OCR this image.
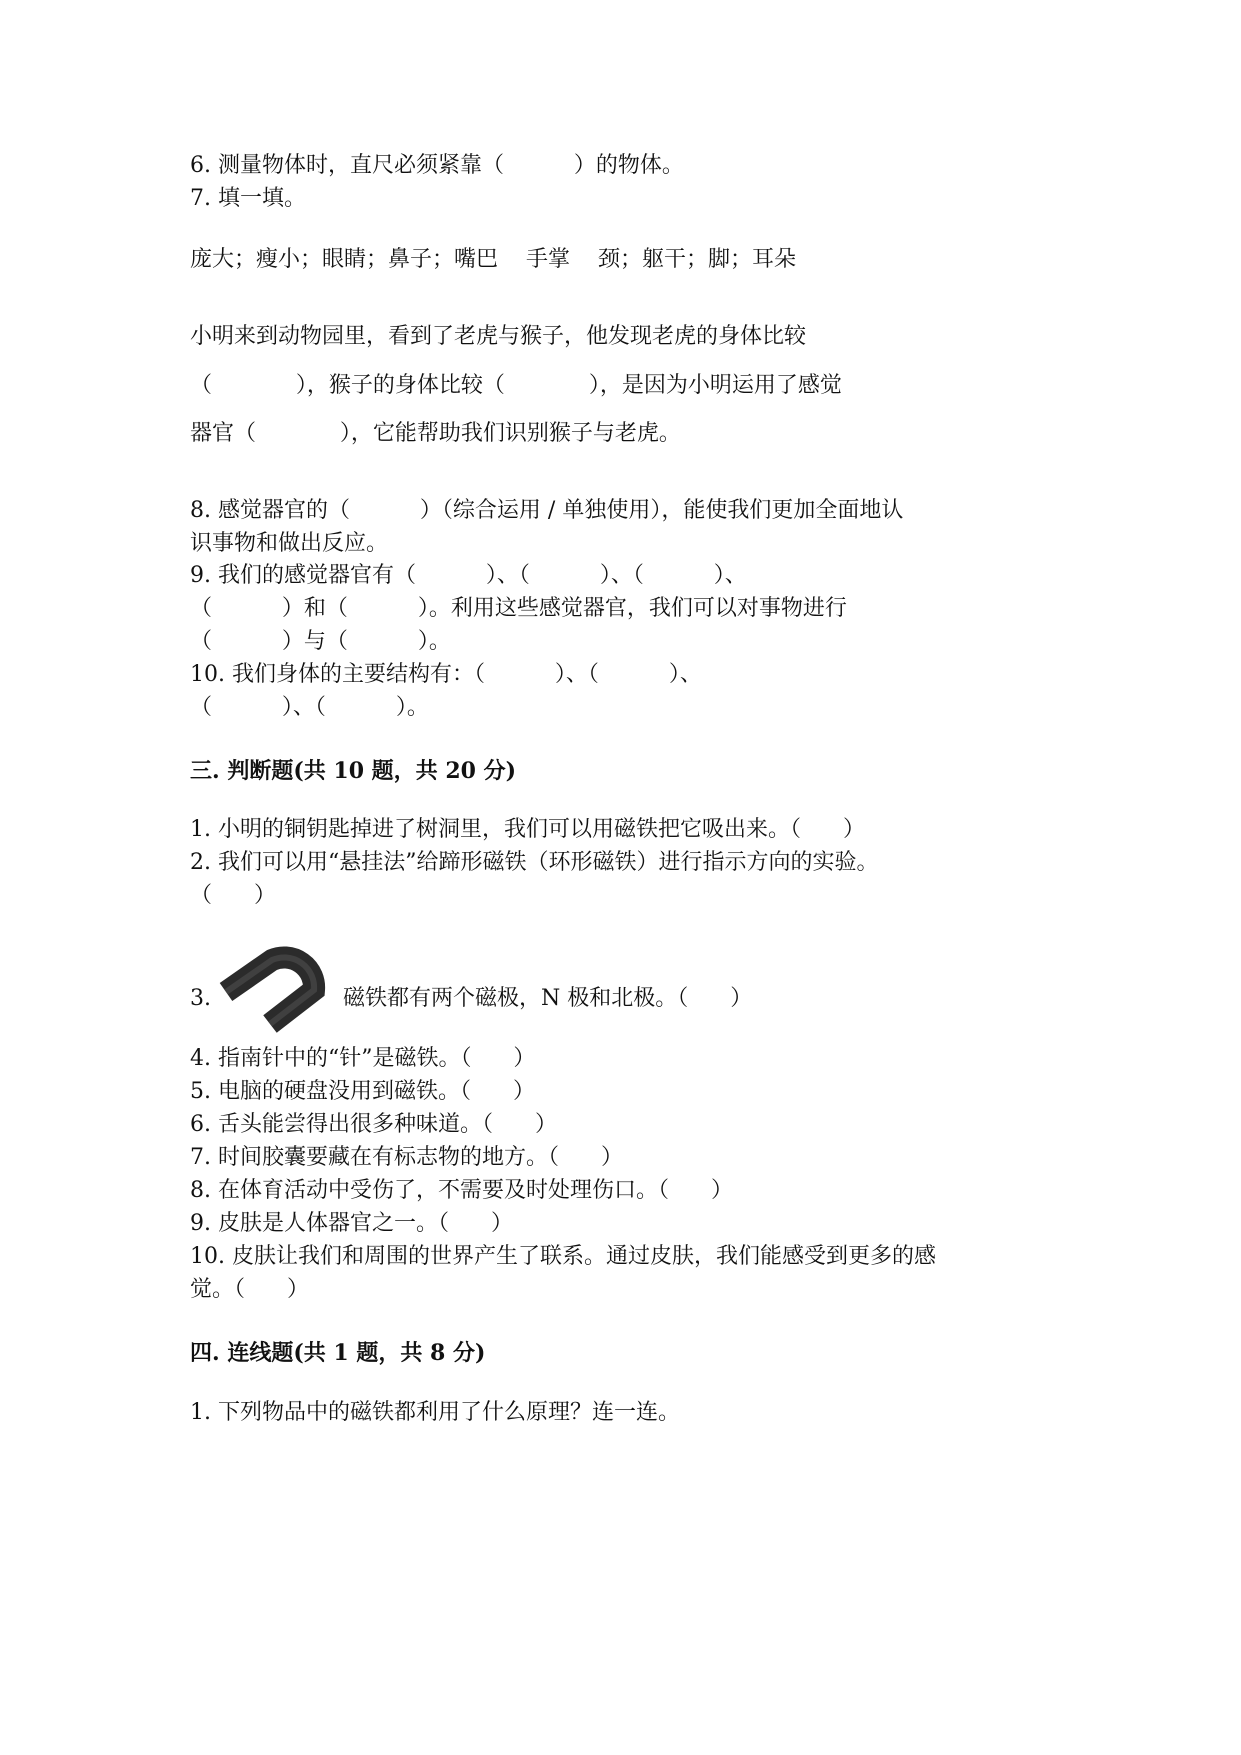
6. 测量物体时，直尺必须紧靠（          ）的物体。
7. 填一填。
庞大；瘦小；眼睛；鼻子；嘴巴    手掌    颈；躯干；脚；耳朵
小明来到动物园里，看到了老虎与猴子，他发现老虎的身体比较
（            ），猴子的身体比较（            ），是因为小明运用了感觉
器官（            ），它能帮助我们识别猴子与老虎。
8. 感觉器官的（          ）（综合运用 / 单独使用），能使我们更加全面地认
识事物和做出反应。
9. 我们的感觉器官有（          ）、（          ）、（          ）、
（          ）和（          ）。利用这些感觉器官，我们可以对事物进行
（          ）与（          ）。
10. 我们身体的主要结构有：（          ）、（          ）、
（          ）、（          ）。
三. 判断题(共 10 题，共 20 分)
1. 小明的铜钥匙掉进了树洞里，我们可以用磁铁把它吸出来。（      ）
2. 我们可以用“悬挂法”给蹄形磁铁（环形磁铁）进行指示方向的实验。
（      ）
3.	磁铁都有两个磁极，N 极和北极。（      ）
4. 指南针中的“针”是磁铁。（      ）
5. 电脑的硬盘没用到磁铁。（      ）
6. 舌头能尝得出很多种味道。（      ）
7. 时间胶囊要藏在有标志物的地方。（      ）
8. 在体育活动中受伤了，不需要及时处理伤口。（      ）
9. 皮肤是人体器官之一。（      ）
10. 皮肤让我们和周围的世界产生了联系。通过皮肤，我们能感受到更多的感
觉。（      ）
四. 连线题(共 1 题，共 8 分)
1. 下列物品中的磁铁都利用了什么原理？连一连。
